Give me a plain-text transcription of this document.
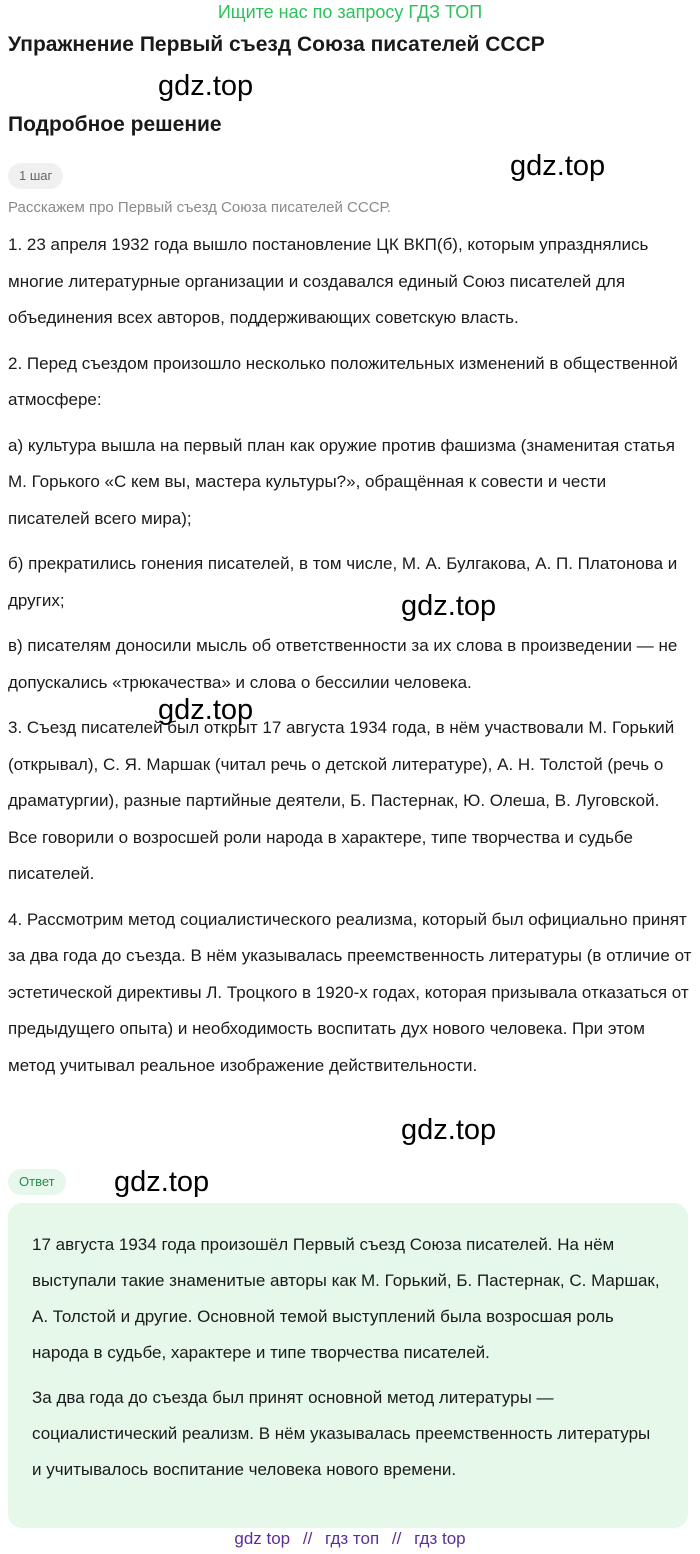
Ищите нас по запросу ГДЗ ТОП
Упражнение Первый съезд Союза писателей СССР
gdz.top
Подробное решение
gdz.top
1 шаг
Расскажем про Первый съезд Союза писателей СССР.

1. 23 апреля 1932 года вышло постановление ЦК ВКП(б), которым упразднялись многие литературные организации и создавался единый Союз писателей для объединения всех авторов, поддерживающих советскую власть.

2. Перед съездом произошло несколько положительных изменений в общественной атмосфере:

а) культура вышла на первый план как оружие против фашизма (знаменитая статья М. Горького «С кем вы, мастера культуры?», обращённая к совести и чести писателей всего мира);

б) прекратились гонения писателей, в том числе, М. А. Булгакова, А. П. Платонова и других;

в) писателям доносили мысль об ответственности за их слова в произведении — не допускались «трюкачества» и слова о бессилии человека.

3. Съезд писателей был открыт 17 августа 1934 года, в нём участвовали М. Горький (открывал), С. Я. Маршак (читал речь о детской литературе), А. Н. Толстой (речь о драматургии), разные партийные деятели, Б. Пастернак, Ю. Олеша, В. Луговской. Все говорили о возросшей роли народа в характере, типе творчества и судьбе писателей.

4. Рассмотрим метод социалистического реализма, который был официально принят за два года до съезда. В нём указывалась преемственность литературы (в отличие от эстетической директивы Л. Троцкого в 1920-х годах, которая призывала отказаться от предыдущего опыта) и необходимость воспитать дух нового человека. При этом метод учитывал реальное изображение действительности.

gdz.top
gdz.top
gdz.top
Ответ	gdz.top

17 августа 1934 года произошёл Первый съезд Союза писателей. На нём выступали такие знаменитые авторы как М. Горький, Б. Пастернак, С. Маршак, А. Толстой и другие. Основной темой выступлений была возросшая роль народа в судьбе, характере и типе творчества писателей.

За два года до съезда был принят основной метод литературы — социалистический реализм. В нём указывалась преемственность литературы и учитывалось воспитание человека нового времени.

gdz top // гдз топ // гдз top
